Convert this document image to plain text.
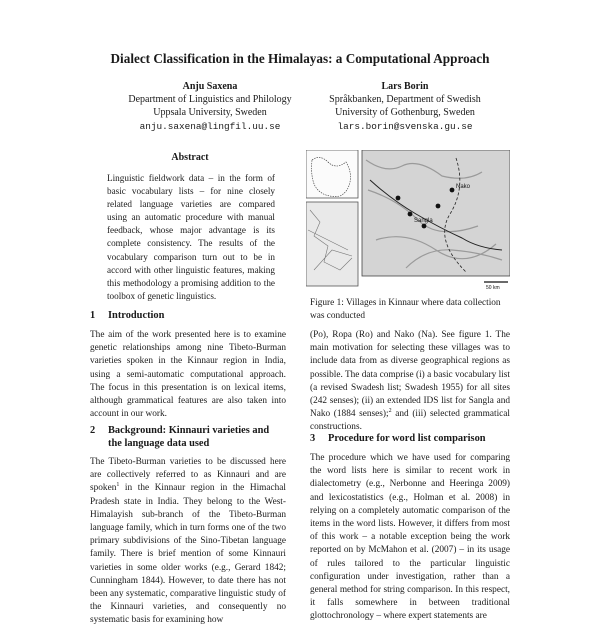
Dialect Classification in the Himalayas: a Computational Approach
Anju Saxena
Department of Linguistics and Philology
Uppsala University, Sweden
anju.saxena@lingfil.uu.se
Lars Borin
Språkbanken, Department of Swedish
University of Gothenburg, Sweden
lars.borin@svenska.gu.se
Abstract
Linguistic fieldwork data – in the form of basic vocabulary lists – for nine closely related language varieties are compared using an automatic procedure with manual feedback, whose major advantage is its complete consistency. The results of the vocabulary comparison turn out to be in accord with other linguistic features, making this methodology a promising addition to the toolbox of genetic linguistics.
1 Introduction

The aim of the work presented here is to examine genetic relationships among nine Tibeto-Burman varieties spoken in the Kinnaur region in India, using a semi-automatic computational approach. The focus in this presentation is on lexical items, although grammatical features are also taken into account in our work.

2 Background: Kinnauri varieties and
the language data used

The Tibeto-Burman varieties to be discussed here are collectively referred to as Kinnauri and are spoken$^1$ in the Kinnaur region in the Himachal Pradesh state in India. They belong to the West-Himalayish sub-branch of the Tibeto-Burman language family, which in turn forms one of the two primary subdivisions of the Sino-Tibetan language family. There is brief mention of some Kinnauri varieties in some older works (e.g., Gerard 1842; Cunningham 1844). However, to date there has not been any systematic, comparative linguistic study of the Kinnauri varieties, and consequently no systematic basis for examining how

Sangla
Nako
50 km
Figure 1: Villages in Kinnaur where data collection was conducted

(Po), Ropa (Ro) and Nako (Na). See figure 1. The main motivation for selecting these villages was to include data from as diverse geographical regions as possible. The data comprise (i) a basic vocabulary list (a revised Swadesh list; Swadesh 1955) for all sites (242 senses); (ii) an extended IDS list for Sangla and Nako (1884 senses);$^2$ and (iii) selected grammatical constructions.

3 Procedure for word list comparison

The procedure which we have used for comparing the word lists here is similar to recent work in dialectometry (e.g., Nerbonne and Heeringa 2009) and lexicostatistics (e.g., Holman et al. 2008) in relying on a completely automatic comparison of the items in the word lists. However, it differs from most of this work – a notable exception being the work reported on by McMahon et al. (2007) – in its usage of rules tailored to the particular linguistic configuration under investigation, rather than a general method for string comparison. In this respect, it falls somewhere in between traditional glottochronology – where expert statements are
